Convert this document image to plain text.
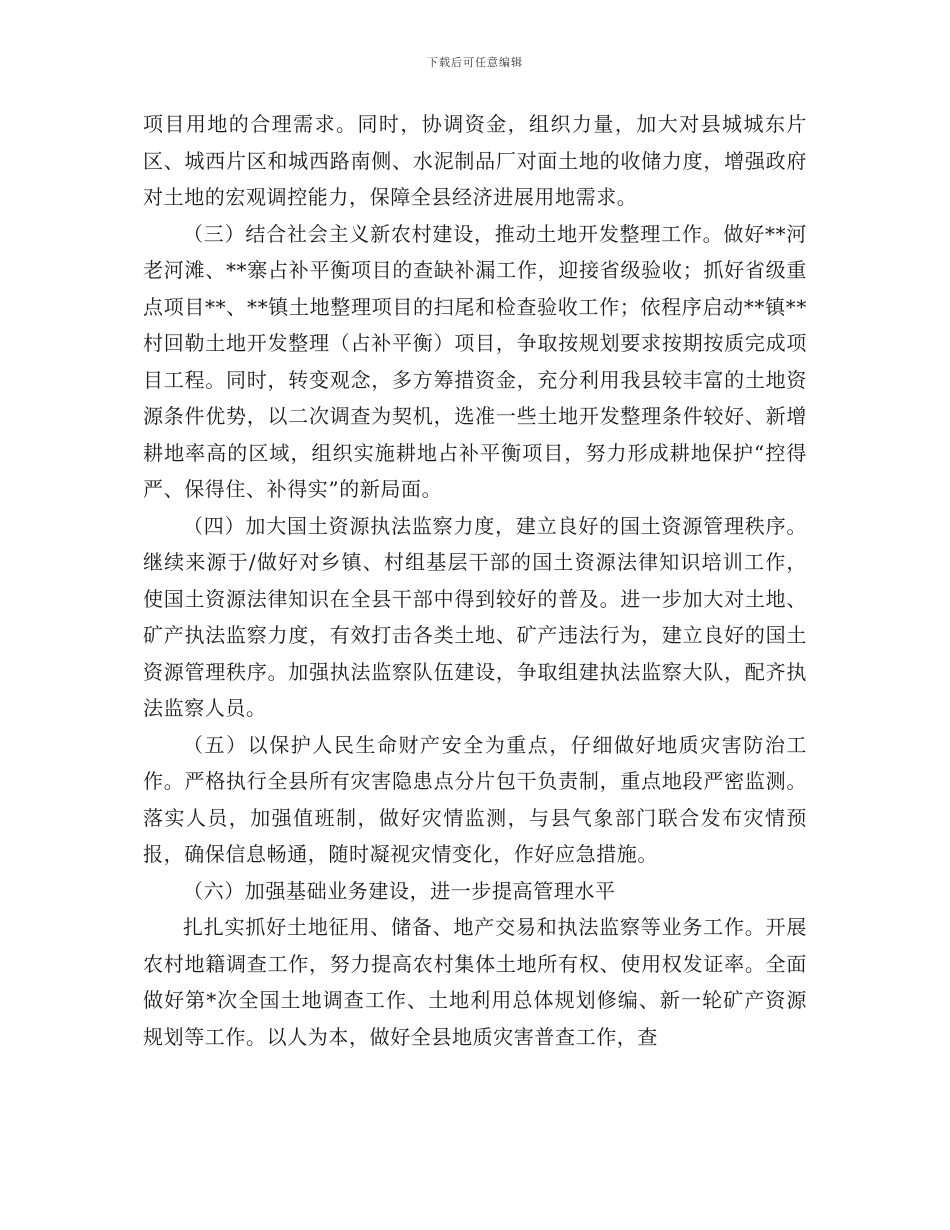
下载后可任意编辑

项目用地的合理需求。同时，协调资金，组织力量，加大对县城城东片区、城西片区和城西路南侧、水泥制品厂对面土地的收储力度，增强政府对土地的宏观调控能力，保障全县经济进展用地需求。

（三）结合社会主义新农村建设，推动土地开发整理工作。做好**河老河滩、**寨占补平衡项目的查缺补漏工作，迎接省级验收；抓好省级重点项目**、**镇土地整理项目的扫尾和检查验收工作；依程序启动**镇**村回勒土地开发整理（占补平衡）项目，争取按规划要求按期按质完成项目工程。同时，转变观念，多方筹措资金，充分利用我县较丰富的土地资源条件优势，以二次调查为契机，选准一些土地开发整理条件较好、新增耕地率高的区域，组织实施耕地占补平衡项目，努力形成耕地保护“控得严、保得住、补得实”的新局面。

（四）加大国土资源执法监察力度，建立良好的国土资源管理秩序。继续来源于/做好对乡镇、村组基层干部的国土资源法律知识培训工作，使国土资源法律知识在全县干部中得到较好的普及。进一步加大对土地、矿产执法监察力度，有效打击各类土地、矿产违法行为，建立良好的国土资源管理秩序。加强执法监察队伍建设，争取组建执法监察大队，配齐执法监察人员。

（五）以保护人民生命财产安全为重点，仔细做好地质灾害防治工作。严格执行全县所有灾害隐患点分片包干负责制，重点地段严密监测。落实人员，加强值班制，做好灾情监测，与县气象部门联合发布灾情预报，确保信息畅通，随时凝视灾情变化，作好应急措施。

（六）加强基础业务建设，进一步提高管理水平

扎扎实抓好土地征用、储备、地产交易和执法监察等业务工作。开展农村地籍调查工作，努力提高农村集体土地所有权、使用权发证率。全面做好第*次全国土地调查工作、土地利用总体规划修编、新一轮矿产资源规划等工作。以人为本，做好全县地质灾害普查工作，查
